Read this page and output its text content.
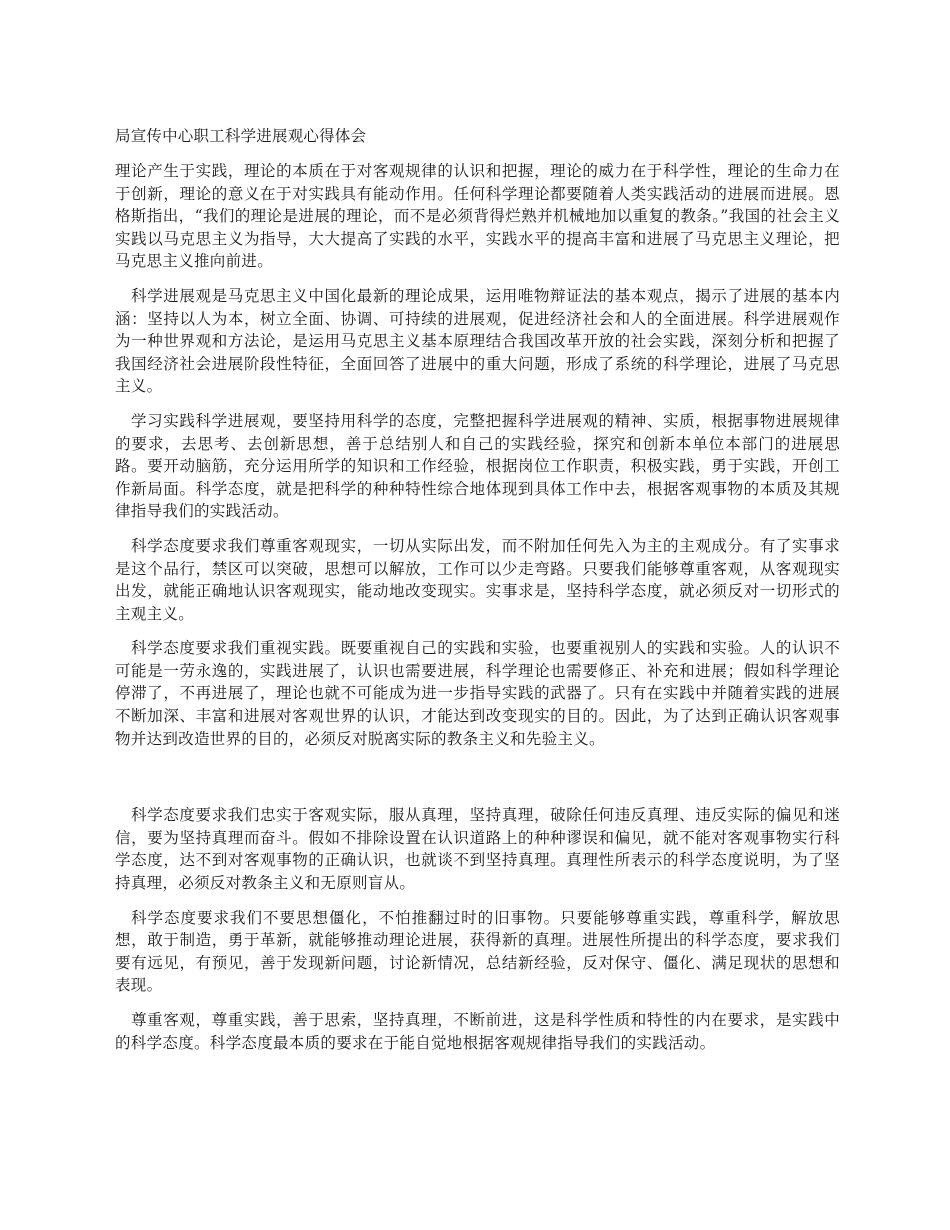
局宣传中心职工科学进展观心得体会

理论产生于实践，理论的本质在于对客观规律的认识和把握，理论的威力在于科学性，理论的生命力在于创新，理论的意义在于对实践具有能动作用。任何科学理论都要随着人类实践活动的进展而进展。恩格斯指出，“我们的理论是进展的理论，而不是必须背得烂熟并机械地加以重复的教条。”我国的社会主义实践以马克思主义为指导，大大提高了实践的水平，实践水平的提高丰富和进展了马克思主义理论，把马克思主义推向前进。

科学进展观是马克思主义中国化最新的理论成果，运用唯物辩证法的基本观点，揭示了进展的基本内涵：坚持以人为本，树立全面、协调、可持续的进展观，促进经济社会和人的全面进展。科学进展观作为一种世界观和方法论，是运用马克思主义基本原理结合我国改革开放的社会实践，深刻分析和把握了我国经济社会进展阶段性特征，全面回答了进展中的重大问题，形成了系统的科学理论，进展了马克思主义。

学习实践科学进展观，要坚持用科学的态度，完整把握科学进展观的精神、实质，根据事物进展规律的要求，去思考、去创新思想，善于总结别人和自己的实践经验，探究和创新本单位本部门的进展思路。要开动脑筋，充分运用所学的知识和工作经验，根据岗位工作职责，积极实践，勇于实践，开创工作新局面。科学态度，就是把科学的种种特性综合地体现到具体工作中去，根据客观事物的本质及其规律指导我们的实践活动。

科学态度要求我们尊重客观现实，一切从实际出发，而不附加任何先入为主的主观成分。有了实事求是这个品行，禁区可以突破，思想可以解放，工作可以少走弯路。只要我们能够尊重客观，从客观现实出发，就能正确地认识客观现实，能动地改变现实。实事求是，坚持科学态度，就必须反对一切形式的主观主义。

科学态度要求我们重视实践。既要重视自己的实践和实验，也要重视别人的实践和实验。人的认识不可能是一劳永逸的，实践进展了，认识也需要进展，科学理论也需要修正、补充和进展；假如科学理论停滞了，不再进展了，理论也就不可能成为进一步指导实践的武器了。只有在实践中并随着实践的进展不断加深、丰富和进展对客观世界的认识，才能达到改变现实的目的。因此，为了达到正确认识客观事物并达到改造世界的目的，必须反对脱离实际的教条主义和先验主义。

科学态度要求我们忠实于客观实际，服从真理，坚持真理，破除任何违反真理、违反实际的偏见和迷信，要为坚持真理而奋斗。假如不排除设置在认识道路上的种种谬误和偏见，就不能对客观事物实行科学态度，达不到对客观事物的正确认识，也就谈不到坚持真理。真理性所表示的科学态度说明，为了坚持真理，必须反对教条主义和无原则盲从。

科学态度要求我们不要思想僵化，不怕推翻过时的旧事物。只要能够尊重实践，尊重科学，解放思想，敢于制造，勇于革新，就能够推动理论进展，获得新的真理。进展性所提出的科学态度，要求我们要有远见，有预见，善于发现新问题，讨论新情况，总结新经验，反对保守、僵化、满足现状的思想和表现。

尊重客观，尊重实践，善于思索，坚持真理，不断前进，这是科学性质和特性的内在要求，是实践中的科学态度。科学态度最本质的要求在于能自觉地根据客观规律指导我们的实践活动。
